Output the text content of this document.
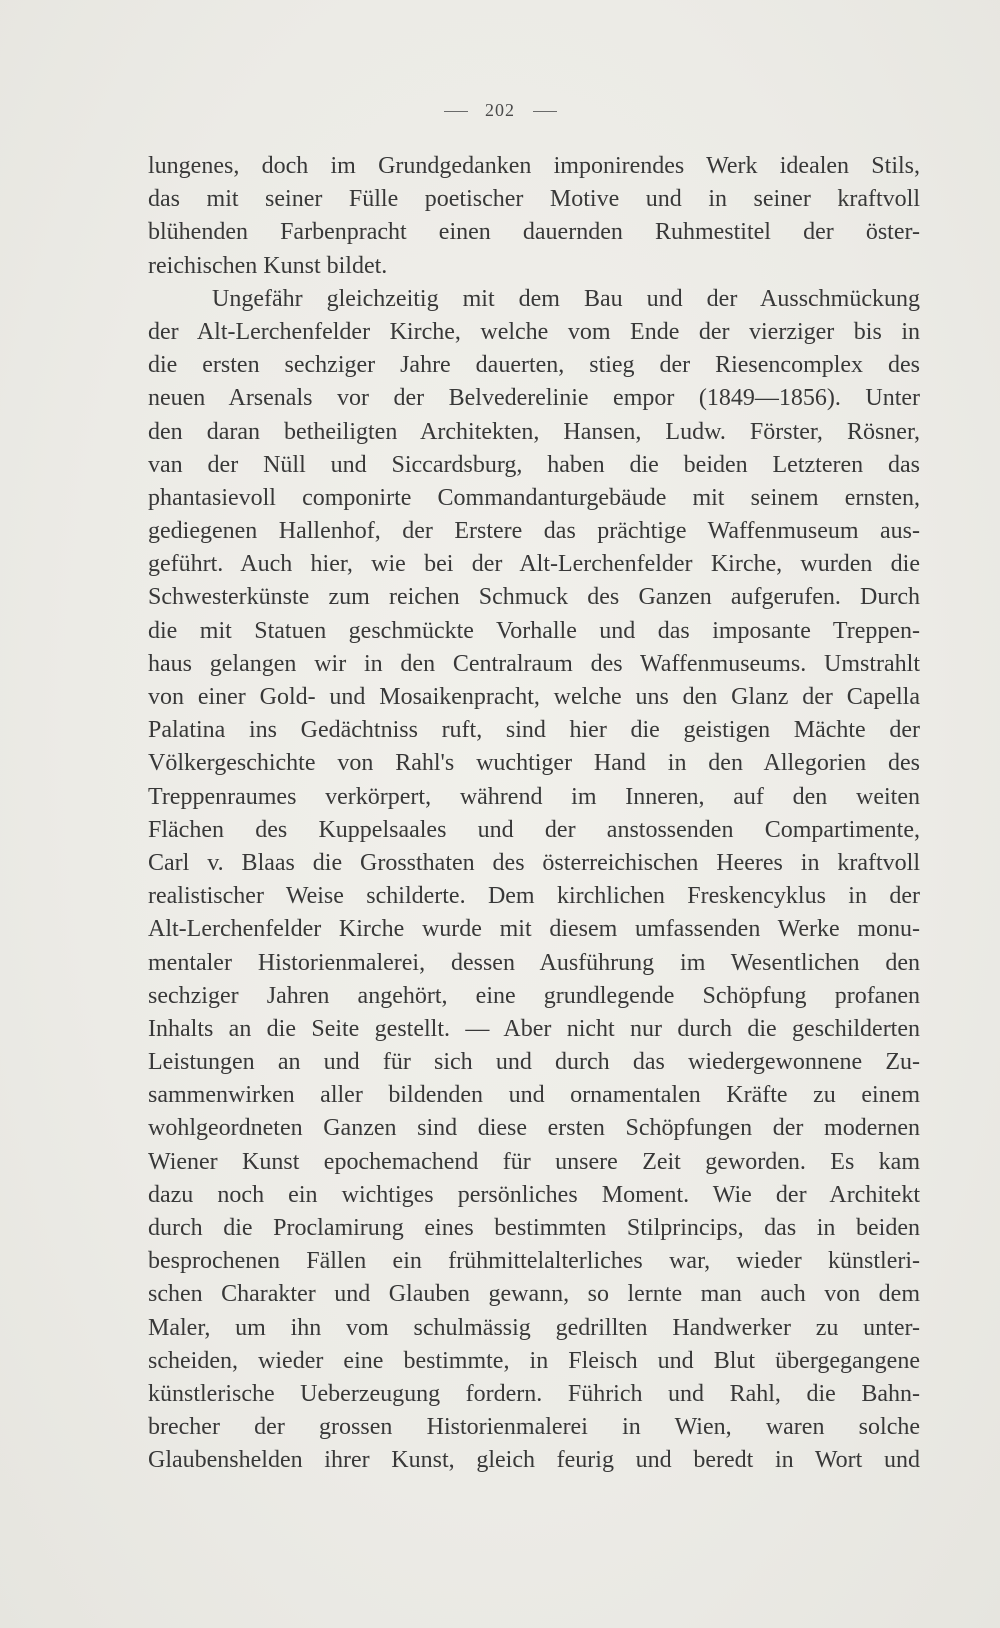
202
lungenes, doch im Grundgedanken imponirendes Werk idealen Stils,
das mit seiner Fülle poetischer Motive und in seiner kraftvoll
blühenden Farbenpracht einen dauernden Ruhmestitel der öster-
reichischen Kunst bildet.
Ungefähr gleichzeitig mit dem Bau und der Ausschmückung
der Alt-Lerchenfelder Kirche, welche vom Ende der vierziger bis in
die ersten sechziger Jahre dauerten, stieg der Riesencomplex des
neuen Arsenals vor der Belvederelinie empor (1849—1856). Unter
den daran betheiligten Architekten, Hansen, Ludw. Förster, Rösner,
van der Nüll und Siccardsburg, haben die beiden Letzteren das
phantasievoll componirte Commandanturgebäude mit seinem ernsten,
gediegenen Hallenhof, der Erstere das prächtige Waffenmuseum aus-
geführt. Auch hier, wie bei der Alt-Lerchenfelder Kirche, wurden die
Schwesterkünste zum reichen Schmuck des Ganzen aufgerufen. Durch
die mit Statuen geschmückte Vorhalle und das imposante Treppen-
haus gelangen wir in den Centralraum des Waffenmuseums. Umstrahlt
von einer Gold- und Mosaikenpracht, welche uns den Glanz der Capella
Palatina ins Gedächtniss ruft, sind hier die geistigen Mächte der
Völkergeschichte von Rahl's wuchtiger Hand in den Allegorien des
Treppenraumes verkörpert, während im Inneren, auf den weiten
Flächen des Kuppelsaales und der anstossenden Compartimente,
Carl v. Blaas die Grossthaten des österreichischen Heeres in kraftvoll
realistischer Weise schilderte. Dem kirchlichen Freskencyklus in der
Alt-Lerchenfelder Kirche wurde mit diesem umfassenden Werke monu-
mentaler Historienmalerei, dessen Ausführung im Wesentlichen den
sechziger Jahren angehört, eine grundlegende Schöpfung profanen
Inhalts an die Seite gestellt. — Aber nicht nur durch die geschilderten
Leistungen an und für sich und durch das wiedergewonnene Zu-
sammenwirken aller bildenden und ornamentalen Kräfte zu einem
wohlgeordneten Ganzen sind diese ersten Schöpfungen der modernen
Wiener Kunst epochemachend für unsere Zeit geworden. Es kam
dazu noch ein wichtiges persönliches Moment. Wie der Architekt
durch die Proclamirung eines bestimmten Stilprincips, das in beiden
besprochenen Fällen ein frühmittelalterliches war, wieder künstleri-
schen Charakter und Glauben gewann, so lernte man auch von dem
Maler, um ihn vom schulmässig gedrillten Handwerker zu unter-
scheiden, wieder eine bestimmte, in Fleisch und Blut übergegangene
künstlerische Ueberzeugung fordern. Führich und Rahl, die Bahn-
brecher der grossen Historienmalerei in Wien, waren solche
Glaubenshelden ihrer Kunst, gleich feurig und beredt in Wort und
